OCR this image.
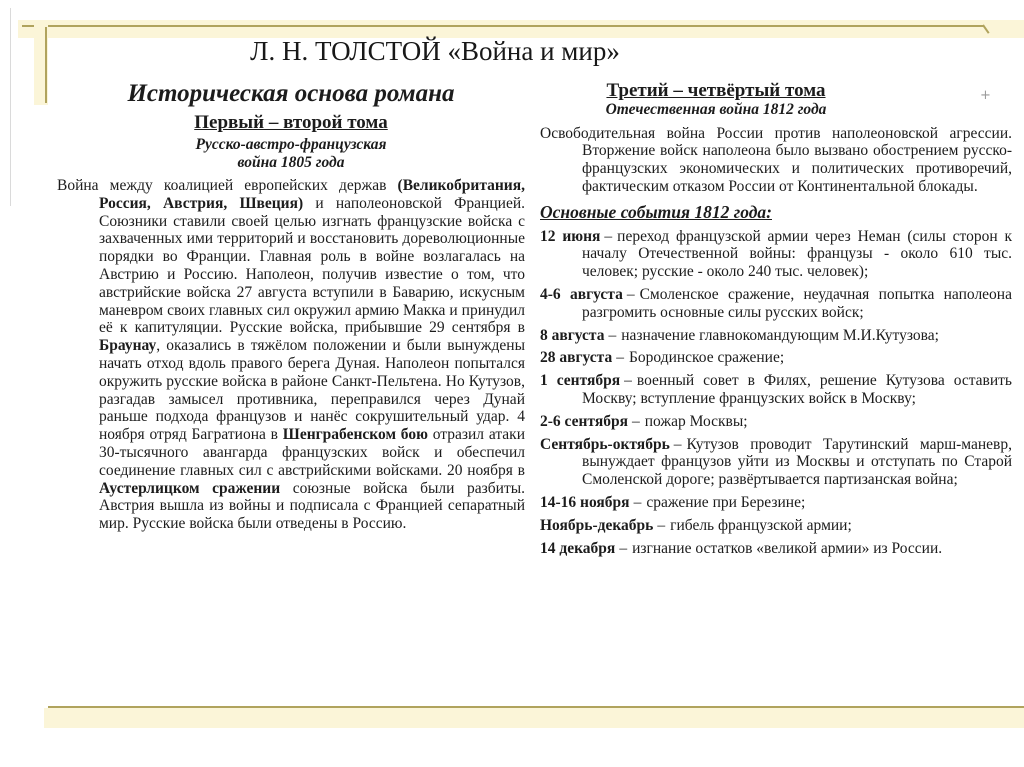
+
Л. Н. ТОЛСТОЙ «Война и мир»
Историческая основа романа
Первый – второй тома
Русско-австро-французская
война 1805 года

Война между коалицией европейских держав (Великобритания, Россия, Австрия, Швеция) и наполеоновской Францией. Союзники ставили своей целью изгнать французские войска с захваченных ими территорий и восстановить дореволюционные порядки во Франции. Главная роль в войне возлагалась на Австрию и Россию. Наполеон, получив известие о том, что австрийские войска 27 августа вступили в Баварию, искусным маневром своих главных сил окружил армию Макка и принудил её к капитуляции. Русские войска, прибывшие 29 сентября в Браунау, оказались в тяжёлом положении и были вынуждены начать отход вдоль правого берега Дуная. Наполеон попытался окружить русские войска в районе Санкт-Пельтена. Но Кутузов, разгадав замысел противника, переправился через Дунай раньше подхода французов и нанёс сокрушительный удар. 4 ноября отряд Багратиона в Шенграбенском бою отразил атаки 30-тысячного авангарда французских войск и обеспечил соединение главных сил с австрийскими войсками. 20 ноября в Аустерлицком сражении союзные войска были разбиты. Австрия вышла из войны и подписала с Францией сепаратный мир. Русские войска были отведены в Россию.

Третий – четвёртый тома
Отечественная война 1812 года

Освободительная война России против наполеоновской агрессии. Вторжение войск наполеона было вызвано обострением русско-французских экономических и политических противоречий, фактическим отказом России от Континентальной блокады.

Основные события 1812 года:
12 июня – переход французской армии через Неман (силы сторон к началу Отечественной войны: французы - около 610 тыс. человек; русские - около 240 тыс. человек);
4-6 августа – Смоленское сражение, неудачная попытка наполеона разгромить основные силы русских войск;
8 августа – назначение главнокомандующим М.И.Кутузова;
28 августа – Бородинское сражение;
1 сентября – военный совет в Филях, решение Кутузова оставить Москву; вступление французских войск в Москву;
2-6 сентября – пожар Москвы;
Сентябрь-октябрь – Кутузов проводит Тарутинский марш-маневр, вынуждает французов уйти из Москвы и отступать по Старой Смоленской дороге; развёртывается партизанская война;
14-16 ноября – сражение при Березине;
Ноябрь-декабрь – гибель французской армии;
14 декабря – изгнание остатков «великой армии» из России.
